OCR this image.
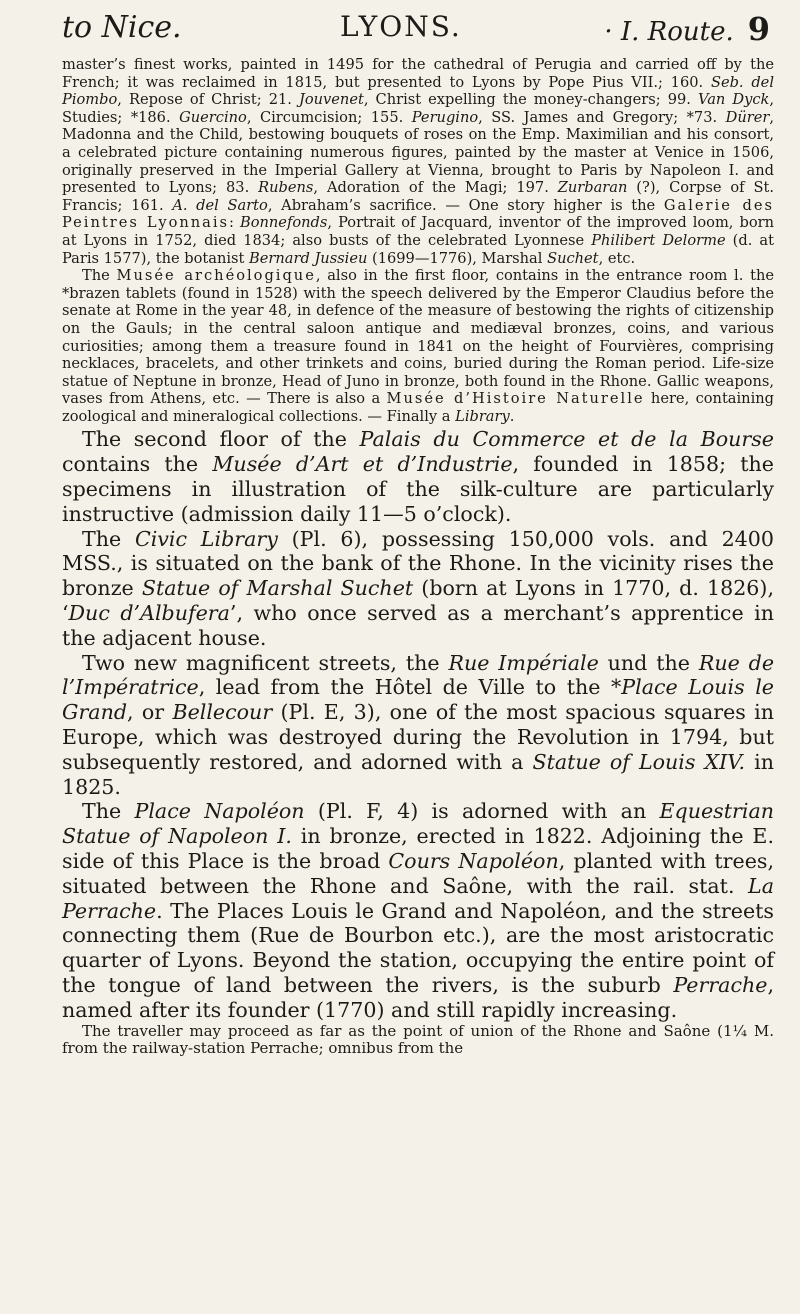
to Nice.	LYONS.	· I. Route. 9

master’s finest works, painted in 1495 for the cathedral of Perugia and carried off by the French; it was reclaimed in 1815, but presented to Lyons by Pope Pius VII.; 160. Seb. del Piombo, Repose of Christ; 21. Jouvenet, Christ expelling the money-changers; 99. Van Dyck, Studies; *186. Guercino, Circumcision; 155. Perugino, SS. James and Gregory; *73. Dürer, Madonna and the Child, bestowing bouquets of roses on the Emp. Maximilian and his consort, a celebrated picture containing numerous figures, painted by the master at Venice in 1506, originally preserved in the Imperial Gallery at Vienna, brought to Paris by Napoleon I. and presented to Lyons; 83. Rubens, Adoration of the Magi; 197. Zurbaran (?), Corpse of St. Francis; 161. A. del Sarto, Abraham’s sacrifice. — One story higher is the Galerie des Peintres Lyonnais: Bonnefonds, Portrait of Jacquard, inventor of the improved loom, born at Lyons in 1752, died 1834; also busts of the celebrated Lyonnese Philibert Delorme (d. at Paris 1577), the botanist Bernard Jussieu (1699—1776), Marshal Suchet, etc.

The Musée archéologique, also in the first floor, contains in the entrance room l. the *brazen tablets (found in 1528) with the speech delivered by the Emperor Claudius before the senate at Rome in the year 48, in defence of the measure of bestowing the rights of citizenship on the Gauls; in the central saloon antique and mediæval bronzes, coins, and various curiosities; among them a treasure found in 1841 on the height of Fourvières, comprising necklaces, bracelets, and other trinkets and coins, buried during the Roman period. Life-size statue of Neptune in bronze, Head of Juno in bronze, both found in the Rhone. Gallic weapons, vases from Athens, etc. — There is also a Musée d’Histoire Naturelle here, containing zoological and mineralogical collections. — Finally a Library.

The second floor of the Palais du Commerce et de la Bourse contains the Musée d’Art et d’Industrie, founded in 1858; the specimens in illustration of the silk-culture are particularly instructive (admission daily 11—5 o’clock).

The Civic Library (Pl. 6), possessing 150,000 vols. and 2400 MSS., is situated on the bank of the Rhone. In the vicinity rises the bronze Statue of Marshal Suchet (born at Lyons in 1770, d. 1826), ‘Duc d’Albufera’, who once served as a merchant’s apprentice in the adjacent house.

Two new magnificent streets, the Rue Impériale und the Rue de l’Impératrice, lead from the Hôtel de Ville to the *Place Louis le Grand, or Bellecour (Pl. E, 3), one of the most spacious squares in Europe, which was destroyed during the Revolution in 1794, but subsequently restored, and adorned with a Statue of Louis XIV. in 1825.

The Place Napoléon (Pl. F, 4) is adorned with an Equestrian Statue of Napoleon I. in bronze, erected in 1822. Adjoining the E. side of this Place is the broad Cours Napoléon, planted with trees, situated between the Rhone and Saône, with the rail. stat. La Perrache. The Places Louis le Grand and Napoléon, and the streets connecting them (Rue de Bourbon etc.), are the most aristocratic quarter of Lyons. Beyond the station, occupying the entire point of the tongue of land between the rivers, is the suburb Perrache, named after its founder (1770) and still rapidly increasing.

The traveller may proceed as far as the point of union of the Rhone and Saône (1¼ M. from the railway-station Perrache; omnibus from the
